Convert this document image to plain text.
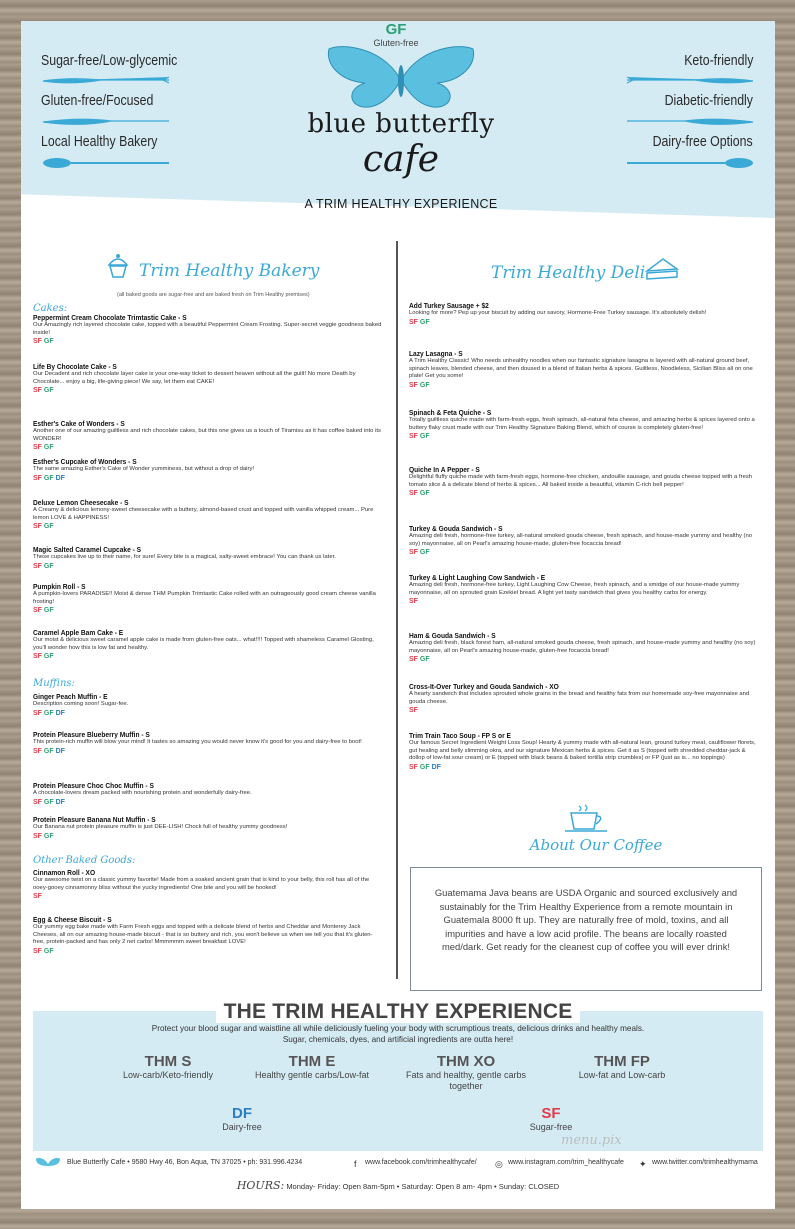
Sugar-free/Low-glycemic
Gluten-free/Focused
Local Healthy Bakery
Keto-friendly
Diabetic-friendly
Dairy-free Options
blue butterfly
cafe
A TRIM HEALTHY EXPERIENCE
Trim Healthy Bakery
(all baked goods are sugar-free and are baked fresh on Trim Healthy premises)
Cakes:
Muffins:
Other Baked Goods:
Peppermint Cream Chocolate Trimtastic Cake - S
Our Amazingly rich layered chocolate cake, topped with a beautiful Peppermint Cream Frosting. Super-secret veggie goodness baked inside!
SF GF
Life By Chocolate Cake - S
Our Decadent and rich chocolate layer cake is your one-way ticket to dessert heaven without all the guilt! No more Death by Chocolate... enjoy a big, life-giving piece! We say, let them eat CAKE!
SF GF
Esther's Cake of Wonders - S
Another one of our amazing guiltless and rich chocolate cakes, but this one gives us a touch of Tiramisu as it has coffee baked into its WONDER!
SF GF
Esther's Cupcake of Wonders - S
The same amazing Esther's Cake of Wonder yumminess, but without a drop of dairy!
SF GF DF
Deluxe Lemon Cheesecake - S
A Creamy & delicious lemony-sweet cheesecake with a buttery, almond-based crust and topped with vanilla whipped cream... Pure lemon LOVE & HAPPINESS!
SF GF
Magic Salted Caramel Cupcake - S
These cupcakes live up to their name, for sure! Every bite is a magical, salty-sweet embrace! You can thank us later.
SF GF
Pumpkin Roll - S
A pumpkin-lovers PARADISE!! Moist & dense THM Pumpkin Trimtastic Cake rolled with an outrageously good cream cheese vanilla frosting!
SF GF
Caramel Apple Bam Cake - E
Our moist & delicious sweet caramel apple cake is made from gluten-free oats... what!!!! Topped with shameless Caramel Glosting, you'll wonder how this is low fat and healthy.
SF GF
Ginger Peach Muffin - E
Description coming soon! Sugar-fee.
SF GF DF
Protein Pleasure Blueberry Muffin - S
This protein-rich muffin will blow your mind! It tastes so amazing you would never know it's good for you and dairy-free to boot!
SF GF DF
Protein Pleasure Choc Choc Muffin - S
A chocolate-lovers dream packed with nourishing protein and wonderfully dairy-free.
SF GF DF
Protein Pleasure Banana Nut Muffin - S
Our Banana nut protein pleasure muffin is just DEE-LISH! Chock full of healthy yummy goodness!
SF GF
Cinnamon Roll - XO
Our awesome twist on a classic yummy favorite! Made from a soaked ancient grain that is kind to your belly, this roll has all of the ooey-gooey cinnamonny bliss without the yucky ingredients! One bite and you will be hooked!
SF
Egg & Cheese Biscuit - S
Our yummy egg bake made with Farm Fresh eggs and topped with a delicate blend of herbs and Cheddar and Monterey Jack Cheeses, all on our amazing house-made biscuit - that is so buttery and rich, you won't believe us when we tell you that it's gluten-free, protein-packed and has only 2 net carbs! Mmmmmm sweet breakfast LOVE!
SF GF
Trim Healthy Deli
Add Turkey Sausage + $2
Looking for more? Pep up your biscuit by adding our savory, Hormone-Free Turkey sausage. It's absolutely delish!
SF GF
Lazy Lasagna - S
A Trim Healthy Classic! Who needs unhealthy noodles when our fantastic signature lasagna is layered with all-natural ground beef, spinach leaves, blended cheese, and then doused in a blend of Italian herbs & spices. Guiltless, Noodleless, Sicilian Bliss all on one plate! Get you some!
SF GF
Spinach & Feta Quiche - S
Totally guiltless quiche made with farm-fresh eggs, fresh spinach, all-natural feta cheese, and amazing herbs & spices layered onto a buttery flaky crust made with our Trim Healthy Signature Baking Blend, which of course is completely gluten-free!
SF GF
Quiche In A Pepper - S
Delightful fluffy quiche made with farm-fresh eggs, hormone-free chicken, andouille sausage, and gouda cheese topped with a fresh tomato slice & a delicate blend of herbs & spices... All baked inside a beautiful, vitamin C-rich bell pepper!
SF GF
Turkey & Gouda Sandwich - S
Amazing deli fresh, hormone-free turkey, all-natural smoked gouda cheese, fresh spinach, and house-made yummy and healthy (no soy) mayonnaise, all on Pearl's amazing house-made, gluten-free focaccia bread!
SF GF
Turkey & Light Laughing Cow Sandwich - E
Amazing deli fresh, hormone-free turkey, Light Laughing Cow Cheese, fresh spinach, and a smidge of our house-made yummy mayonnaise, all on sprouted grain Ezekiel bread. A light yet tasty sandwich that gives you healthy carbs for energy.
SF
Ham & Gouda Sandwich - S
Amazing deli fresh, black forest ham, all-natural smoked gouda cheese, fresh spinach, and house-made yummy and healthy (no soy) mayonnaise, all on Pearl's amazing house-made, gluten-free focaccia bread!
SF GF
Cross-It-Over Turkey and Gouda Sandwich - XO
A hearty sandwich that includes sprouted whole grains in the bread and healthy fats from our homemade soy-free mayonnaise and gouda cheese.
SF
Trim Train Taco Soup - FP S or E
Our famous Secret Ingredient Weight Loss Soup! Hearty & yummy made with all-natural lean, ground turkey meat, cauliflower florets, gut healing and belly slimming okra, and our signature Mexican herbs & spices. Get it as S (topped with shredded cheddar-jack & dollop of low-fat sour cream) or E (topped with black beans & baked tortilla strip crumbles) or FP (just as is... no toppings)
SF GF DF
About Our Coffee

Guatemama Java beans are USDA Organic and sourced exclusively and sustainably for the Trim Healthy Experience from a remote mountain in Guatemala 8000 ft up. They are naturally free of mold, toxins, and all impurities and have a low acid profile. The beans are locally roasted med/dark. Get ready for the cleanest cup of coffee you will ever drink!

THE TRIM HEALTHY EXPERIENCE
Protect your blood sugar and waistline all while deliciously fueling your body with scrumptious treats, delicious drinks and healthy meals.
Sugar, chemicals, dyes, and artificial ingredients are outta here!
THM S
Low-carb/Keto-friendly
THM E
Healthy gentle carbs/Low-fat
THM XO
Fats and healthy, gentle carbs together
THM FP
Low-fat and Low-carb
DF
Dairy-free
GF
Gluten-free
SF
Sugar-free
menu.pix
Blue Butterfly Cafe • 9580 Hwy 46, Bon Aqua, TN 37025 • ph: 931.996.4234	f www.facebook.com/trimhealthycafe/ ◎ www.instagram.com/trim_healthycafe ✦ www.twitter.com/trimhealthymama
HOURS: Monday- Friday: Open 8am-5pm • Saturday: Open 8 am- 4pm • Sunday: CLOSED
